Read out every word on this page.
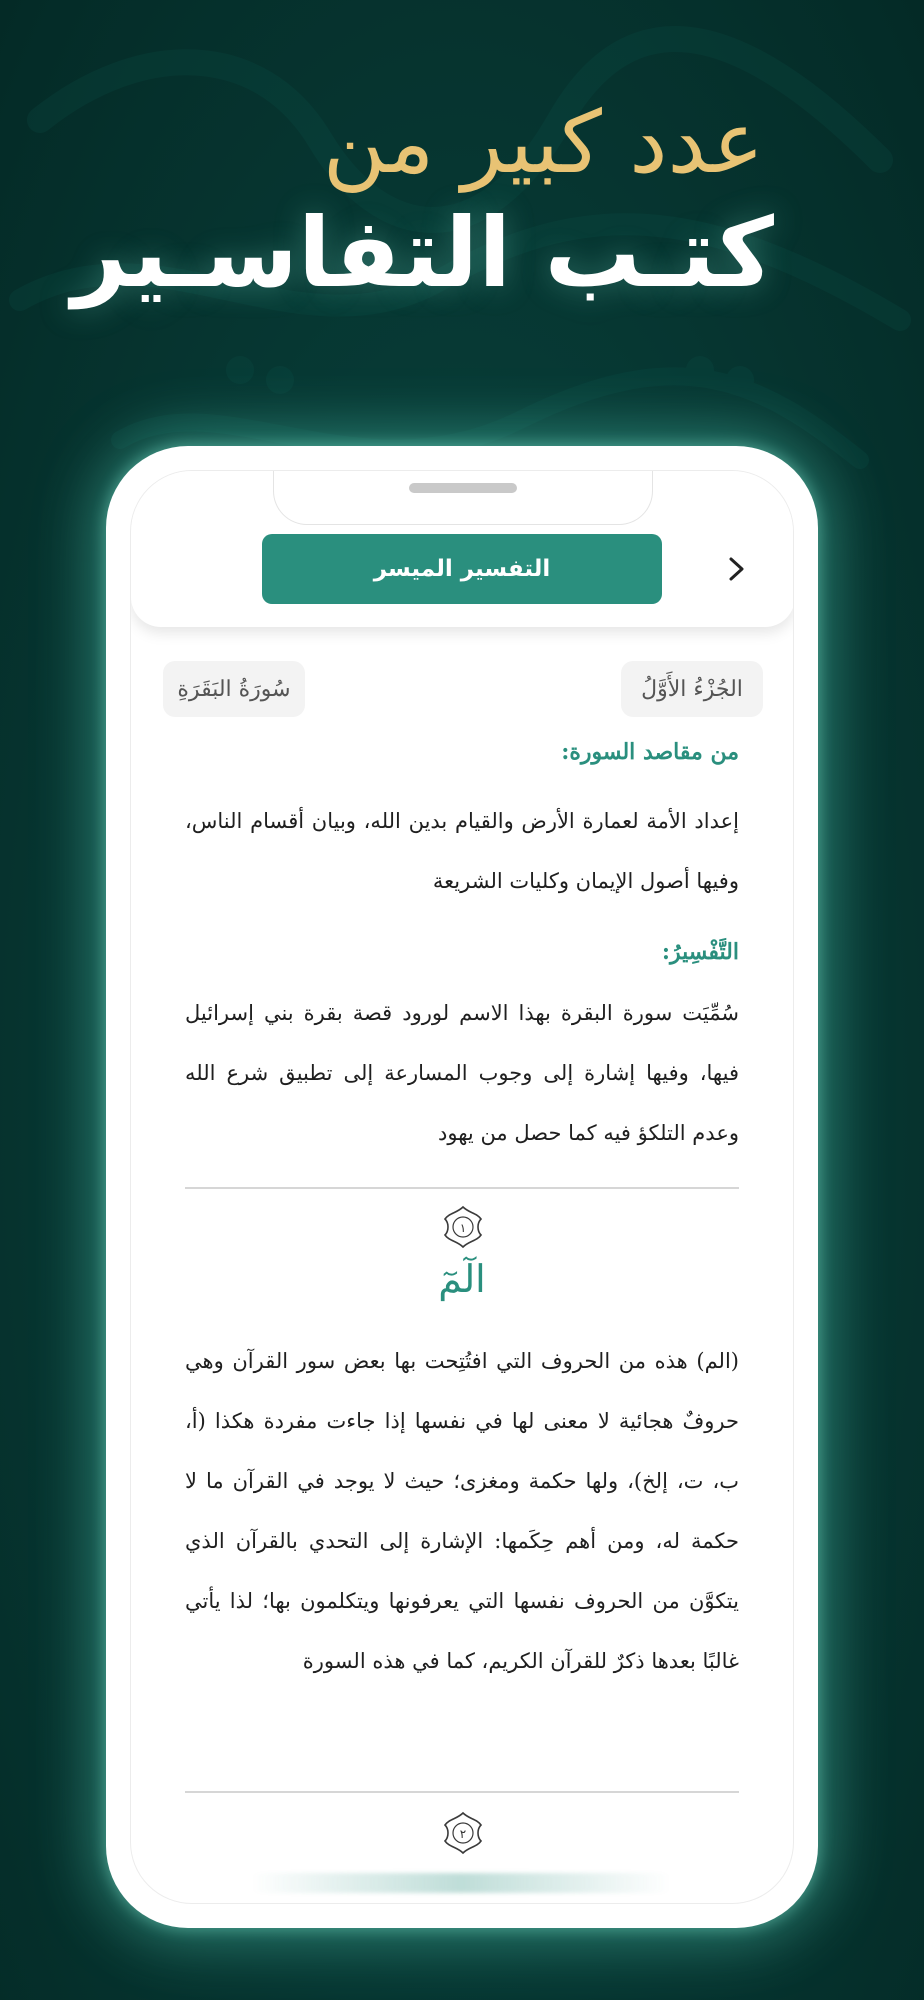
عدد كبير من
كتـب التفاسـير
التفسير الميسر
الجُزْءُ الأَوَّلُ
سُورَةُ البَقَرَةِ
من مقاصد السورة:

إعداد الأمة لعمارة الأرض والقيام بدين الله، وبيان أقسام الناس، وفيها أصول الإيمان وكليات الشريعة

التَّفْسِيرُ:

سُمِّيَت سورة البقرة بهذا الاسم لورود قصة بقرة بني إسرائيل فيها، وفيها إشارة إلى وجوب المسارعة إلى تطبيق شرع الله وعدم التلكؤ فيه كما حصل من يهود

١
الٓمٓ

(الم) هذه من الحروف التي افتُتِحت بها بعض سور القرآن وهي حروفٌ هجائية لا معنى لها في نفسها إذا جاءت مفردة هكذا (أ، ب، ت، إلخ)، ولها حكمة ومغزى؛ حيث لا يوجد في القرآن ما لا حكمة له، ومن أهم حِكَمها: الإشارة إلى التحدي بالقرآن الذي يتكوَّن من الحروف نفسها التي يعرفونها ويتكلمون بها؛ لذا يأتي غالبًا بعدها ذكرٌ للقرآن الكريم، كما في هذه السورة

٢
